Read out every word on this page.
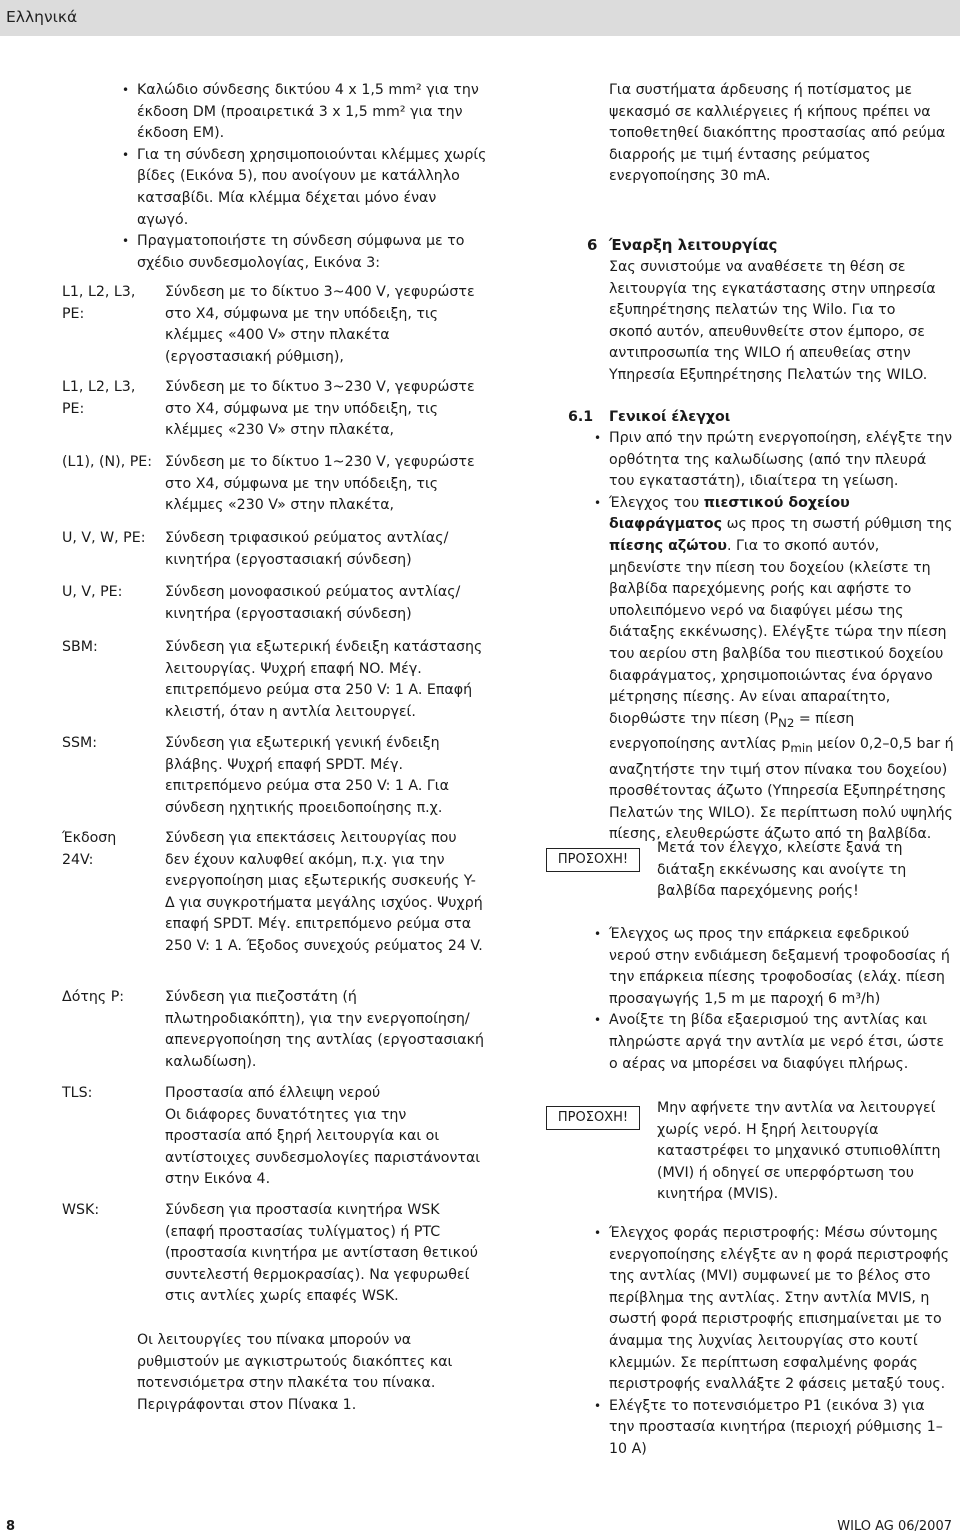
Ελληνικά
• Καλώδιο σύνδεσης δικτύου 4 x 1,5 mm² για την έκδοση DM (προαιρετικά 3 x 1,5 mm² για την έκδοση EM).
• Για τη σύνδεση χρησιμοποιούνται κλέμμες χωρίς βίδες (Εικόνα 5), που ανοίγουν με κατάλληλο κατσαβίδι. Μία κλέμμα δέχεται μόνο έναν αγωγό.
• Πραγματοποιήστε τη σύνδεση σύμφωνα με το σχέδιο συνδεσμολογίας, Εικόνα 3:
L1, L2, L3, PE:
Σύνδεση με το δίκτυο 3~400 V, γεφυρώστε στο X4, σύμφωνα με την υπόδειξη, τις κλέμμες «400 V» στην πλακέτα (εργοστασιακή ρύθμιση),
L1, L2, L3, PE:
Σύνδεση με το δίκτυο 3~230 V, γεφυρώστε στο X4, σύμφωνα με την υπόδειξη, τις κλέμμες «230 V» στην πλακέτα,
(L1), (N), PE: Σύνδεση με το δίκτυο 1~230 V, γεφυρώστε στο X4, σύμφωνα με την υπόδειξη, τις κλέμμες «230 V» στην πλακέτα,
U, V, W, PE:	Σύνδεση τριφασικού ρεύματος αντλίας/ κινητήρα (εργοστασιακή σύνδεση)
U, V, PE:	Σύνδεση μονοφασικού ρεύματος αντλίας/ κινητήρα (εργοστασιακή σύνδεση)
SBM:	Σύνδεση για εξωτερική ένδειξη κατάστασης λειτουργίας. Ψυχρή επαφή NO. Μέγ. επιτρεπόμενο ρεύμα στα 250 V: 1 A. Επαφή κλειστή, όταν η αντλία λειτουργεί.
SSM:	Σύνδεση για εξωτερική γενική ένδειξη βλάβης. Ψυχρή επαφή SPDT. Μέγ. επιτρεπόμενο ρεύμα στα 250 V: 1 A. Για σύνδεση ηχητικής προειδοποίησης π.χ.
Έκδοση 24V:
Σύνδεση για επεκτάσεις λειτουργίας που δεν έχουν καλυφθεί ακόμη, π.χ. για την ενεργοποίηση μιας εξωτερικής συσκευής Y-Δ για συγκροτήματα μεγάλης ισχύος. Ψυχρή επαφή SPDT. Μέγ. επιτρεπόμενο ρεύμα στα 250 V: 1 A. Έξοδος συνεχούς ρεύματος 24 V.
Δότης P:	Σύνδεση για πιεζοστάτη (ή πλωτηροδιακόπτη), για την ενεργοποίηση/ απενεργοποίηση της αντλίας (εργοστασιακή καλωδίωση).
TLS:	Προστασία από έλλειψη νερού
Οι διάφορες δυνατότητες για την προστασία από ξηρή λειτουργία και οι αντίστοιχες συνδεσμολογίες παριστάνονται στην Εικόνα 4.
WSK:	Σύνδεση για προστασία κινητήρα WSK (επαφή προστασίας τυλίγματος) ή PTC (προστασία κινητήρα με αντίσταση θετικού συντελεστή θερμοκρασίας). Να γεφυρωθεί στις αντλίες χωρίς επαφές WSK.
Οι λειτουργίες του πίνακα μπορούν να ρυθμιστούν με αγκιστρωτούς διακόπτες και ποτενσιόμετρα στην πλακέτα του πίνακα. Περιγράφονται στον Πίνακα 1.
Για συστήματα άρδευσης ή ποτίσματος με ψεκασμό σε καλλιέργειες ή κήπους πρέπει να τοποθετηθεί διακόπτης προστασίας από ρεύμα διαρροής με τιμή έντασης ρεύματος ενεργοποίησης 30 mA.
6 Έναρξη λειτουργίας
Σας συνιστούμε να αναθέσετε τη θέση σε λειτουργία της εγκατάστασης στην υπηρεσία εξυπηρέτησης πελατών της Wilo. Για το σκοπό αυτόν, απευθυνθείτε στον έμπορο, σε αντιπροσωπία της WILO ή απευθείας στην Υπηρεσία Εξυπηρέτησης Πελατών της WILO.
6.1 Γενικοί έλεγχοι
• Πριν από την πρώτη ενεργοποίηση, ελέγξτε την ορθότητα της καλωδίωσης (από την πλευρά του εγκαταστάτη), ιδιαίτερα τη γείωση.
• Έλεγχος του πιεστικού δοχείου διαφράγματος ως προς τη σωστή ρύθμιση της πίεσης αζώτου. Για το σκοπό αυτόν, μηδενίστε την πίεση του δοχείου (κλείστε τη βαλβίδα παρεχόμενης ροής και αφήστε το υπολειπόμενο νερό να διαφύγει μέσω της διάταξης εκκένωσης). Ελέγξτε τώρα την πίεση του αερίου στη βαλβίδα του πιεστικού δοχείου διαφράγματος, χρησιμοποιώντας ένα όργανο μέτρησης πίεσης. Αν είναι απαραίτητο, διορθώστε την πίεση ($P_{N2} = \pi ί\varepsilon\sigma\eta$ ενεργοποίησης αντλίας $p_{min}$ μείον 0,2–0,5 bar ή αναζητήστε την τιμή στον πίνακα του δοχείου) προσθέτοντας άζωτο (Υπηρεσία Εξυπηρέτησης Πελατών της WILO). Σε περίπτωση πολύ υψηλής πίεσης, ελευθερώστε άζωτο από τη βαλβίδα.
ΠΡΟΣΟΧΗ!
Μετά τον έλεγχο, κλείστε ξανά τη διάταξη εκκένωσης και ανοίγτε τη βαλβίδα παρεχόμενης ροής!
• Έλεγχος ως προς την επάρκεια εφεδρικού νερού στην ενδιάμεση δεξαμενή τροφοδοσίας ή την επάρκεια πίεσης τροφοδοσίας (ελάχ. πίεση προσαγωγής 1,5 m με παροχή 6 m³/h)
• Ανοίξτε τη βίδα εξαερισμού της αντλίας και πληρώστε αργά την αντλία με νερό έτσι, ώστε ο αέρας να μπορέσει να διαφύγει πλήρως.
ΠΡΟΣΟΧΗ!
Μην αφήνετε την αντλία να λειτουργεί χωρίς νερό. Η ξηρή λειτουργία καταστρέφει το μηχανικό στυπιοθλίπτη (MVI) ή οδηγεί σε υπερφόρτωση του κινητήρα (MVIS).
• Έλεγχος φοράς περιστροφής: Μέσω σύντομης ενεργοποίησης ελέγξτε αν η φορά περιστροφής της αντλίας (MVI) συμφωνεί με το βέλος στο περίβλημα της αντλίας. Στην αντλία MVIS, η σωστή φορά περιστροφής επισημαίνεται με το άναμμα της λυχνίας λειτουργίας στο κουτί κλεμμών. Σε περίπτωση εσφαλμένης φοράς περιστροφής εναλλάξτε 2 φάσεις μεταξύ τους.
• Ελέγξτε το ποτενσιόμετρο P1 (εικόνα 3) για την προστασία κινητήρα (περιοχή ρύθμισης 1–10 A)
8	WILO AG 06/2007
